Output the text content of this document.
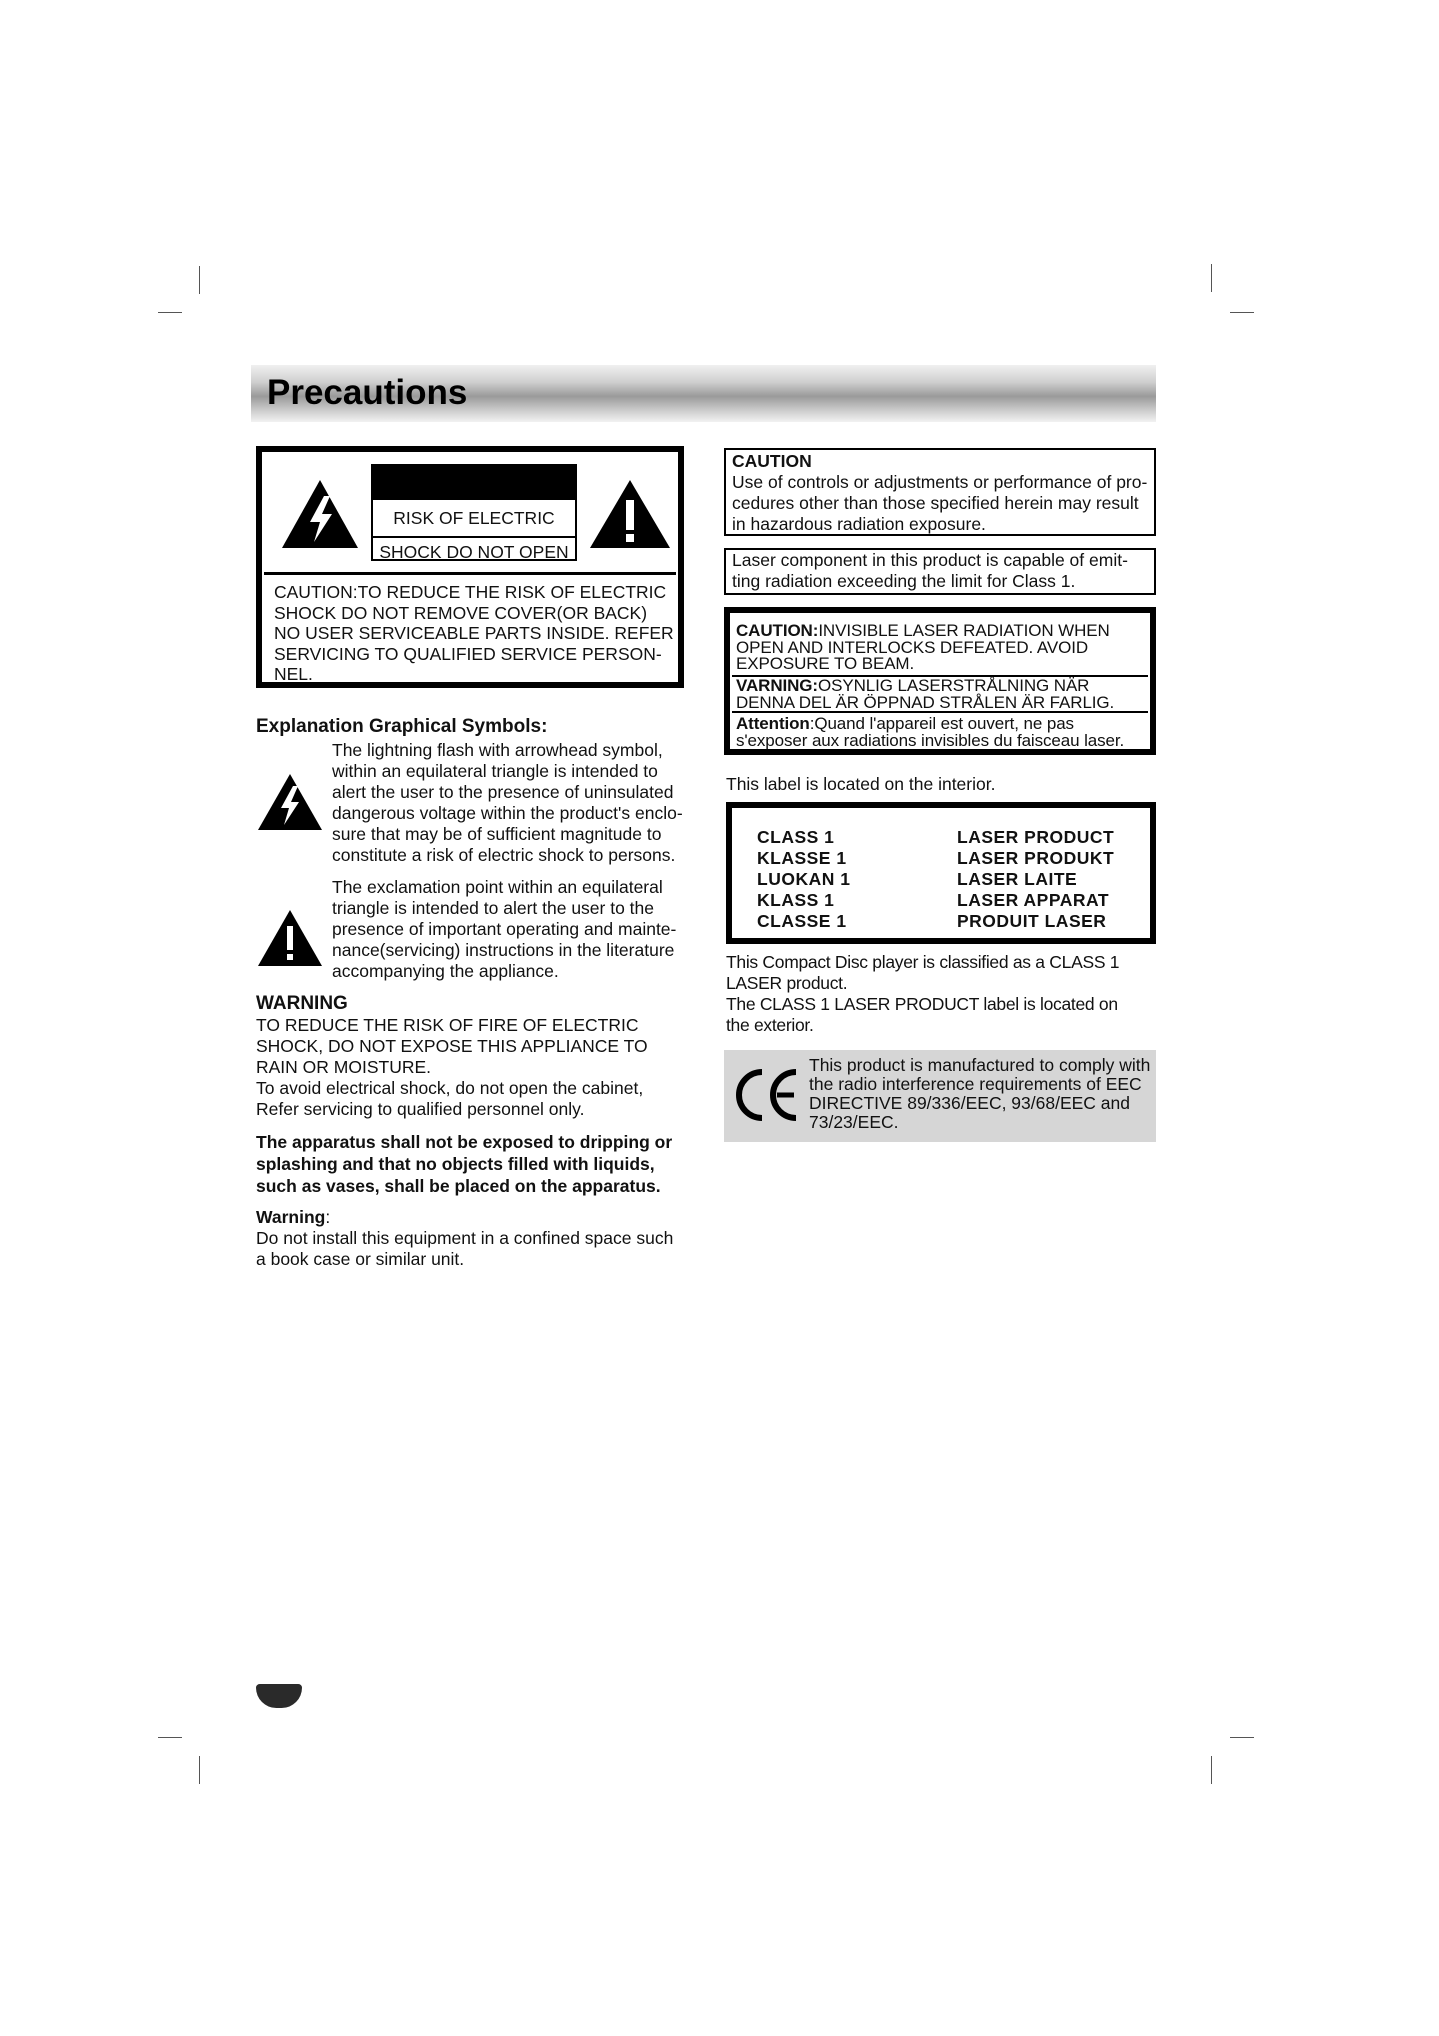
Precautions
RISK OF ELECTRIC
SHOCK DO NOT OPEN
CAUTION:TO REDUCE THE RISK OF ELECTRIC
SHOCK DO NOT REMOVE COVER(OR BACK)
NO USER SERVICEABLE PARTS INSIDE. REFER
SERVICING TO QUALIFIED SERVICE PERSON-
NEL.
Explanation Graphical Symbols:
The lightning flash with arrowhead symbol,
within an equilateral triangle is intended to
alert the user to the presence of uninsulated
dangerous voltage within the product's enclo-
sure that may be of sufficient magnitude to
constitute a risk of electric shock to persons.
The exclamation point within an equilateral
triangle is intended to alert the user to the
presence of important operating and mainte-
nance(servicing) instructions in the literature
accompanying the appliance.
WARNING
TO REDUCE THE RISK OF FIRE OF ELECTRIC
SHOCK, DO NOT EXPOSE THIS APPLIANCE TO
RAIN OR MOISTURE.
To avoid electrical shock, do not open the cabinet,
Refer servicing to qualified personnel only.
The apparatus shall not be exposed to dripping or
splashing and that no objects filled with liquids,
such as vases, shall be placed on the apparatus.
Warning:
Do not install this equipment in a confined space such
a book case or similar unit.
CAUTION
Use of controls or adjustments or performance of pro-
cedures other than those specified herein may result
in hazardous radiation exposure.
Laser component in this product is capable of emit-
ting radiation exceeding the limit for Class 1.
CAUTION:INVISIBLE LASER RADIATION WHEN
OPEN AND INTERLOCKS DEFEATED. AVOID
EXPOSURE TO BEAM.
VARNING:OSYNLIG LASERSTRÅLNING NÄR
DENNA DEL ÄR ÖPPNAD STRÅLEN ÄR FARLIG.
Attention:Quand l'appareil est ouvert, ne pas
s'exposer aux radiations invisibles du faisceau laser.
This label is located on the interior.
CLASS 1
KLASSE 1
LUOKAN 1
KLASS 1
CLASSE 1
LASER PRODUCT
LASER PRODUKT
LASER LAITE
LASER APPARAT
PRODUIT LASER
This Compact Disc player is classified as a CLASS 1
LASER product.
The CLASS 1 LASER PRODUCT label is located on
the exterior.
This product is manufactured to comply with
the radio interference requirements of EEC
DIRECTIVE 89/336/EEC, 93/68/EEC and
73/23/EEC.
